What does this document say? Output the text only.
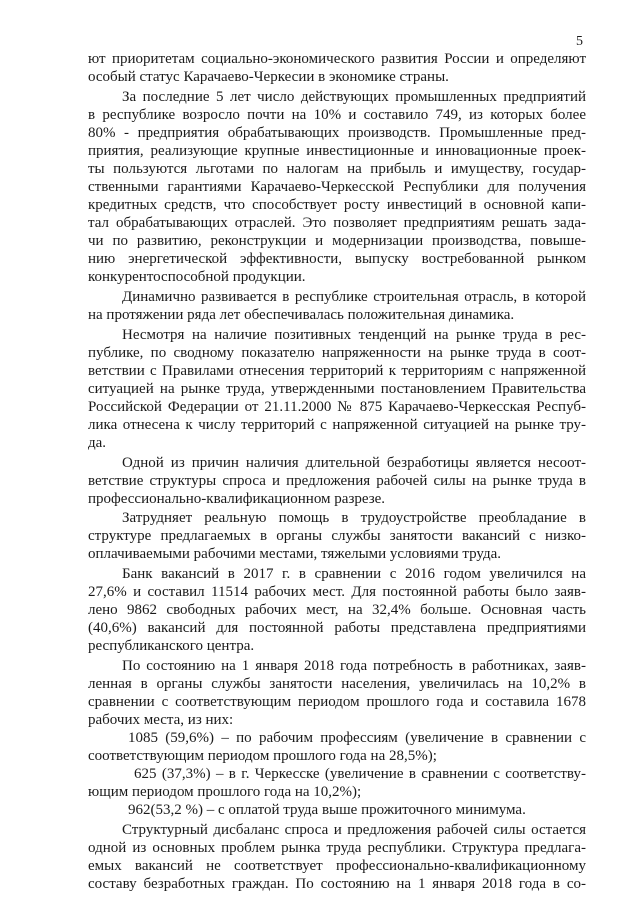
5
ют приоритетам социально-экономического развития России и определяют
особый статус Карачаево-Черкесии в экономике страны.
За последние 5 лет число действующих промышленных предприятий
в республике возросло почти на 10% и составило 749, из которых более
80% - предприятия обрабатывающих производств. Промышленные пред-
приятия, реализующие крупные инвестиционные и инновационные проек-
ты пользуются льготами по налогам на прибыль и имуществу, государ-
ственными гарантиями Карачаево-Черкесской Республики для получения
кредитных средств, что способствует росту инвестиций в основной капи-
тал обрабатывающих отраслей. Это позволяет предприятиям решать зада-
чи по развитию, реконструкции и модернизации производства, повыше-
нию энергетической эффективности, выпуску востребованной рынком
конкурентоспособной продукции.
Динамично развивается в республике строительная отрасль, в которой
на протяжении ряда лет обеспечивалась положительная динамика.
Несмотря на наличие позитивных тенденций на рынке труда в рес-
публике, по сводному показателю напряженности на рынке труда в соот-
ветствии с Правилами отнесения территорий к территориям с напряженной
ситуацией на рынке труда, утвержденными постановлением Правительства
Российской Федерации от 21.11.2000 № 875 Карачаево-Черкесская Респуб-
лика отнесена к числу территорий с напряженной ситуацией на рынке тру-
да.
Одной из причин наличия длительной безработицы является несоот-
ветствие структуры спроса и предложения рабочей силы на рынке труда в
профессионально-квалификационном разрезе.
Затрудняет реальную помощь в трудоустройстве преобладание в
структуре предлагаемых в органы службы занятости вакансий с низко-
оплачиваемыми рабочими местами, тяжелыми условиями труда.
Банк вакансий в 2017 г. в сравнении с 2016 годом увеличился на
27,6% и составил 11514 рабочих мест. Для постоянной работы было заяв-
лено 9862 свободных рабочих мест, на 32,4% больше. Основная часть
(40,6%) вакансий для постоянной работы представлена предприятиями
республиканского центра.
По состоянию на 1 января 2018 года потребность в работниках, заяв-
ленная в органы службы занятости населения, увеличилась на 10,2% в
сравнении с соответствующим периодом прошлого года и составила 1678
рабочих места, из них:
1085 (59,6%) – по рабочим профессиям (увеличение в сравнении с
соответствующим периодом прошлого года на 28,5%);
625 (37,3%) – в г. Черкесске (увеличение в сравнении с соответству-
ющим периодом прошлого года на 10,2%);
962(53,2 %) – с оплатой труда выше прожиточного минимума.
Структурный дисбаланс спроса и предложения рабочей силы остается
одной из основных проблем рынка труда республики. Структура предлага-
емых вакансий не соответствует профессионально-квалификационному
составу безработных граждан. По состоянию на 1 января 2018 года в со-
